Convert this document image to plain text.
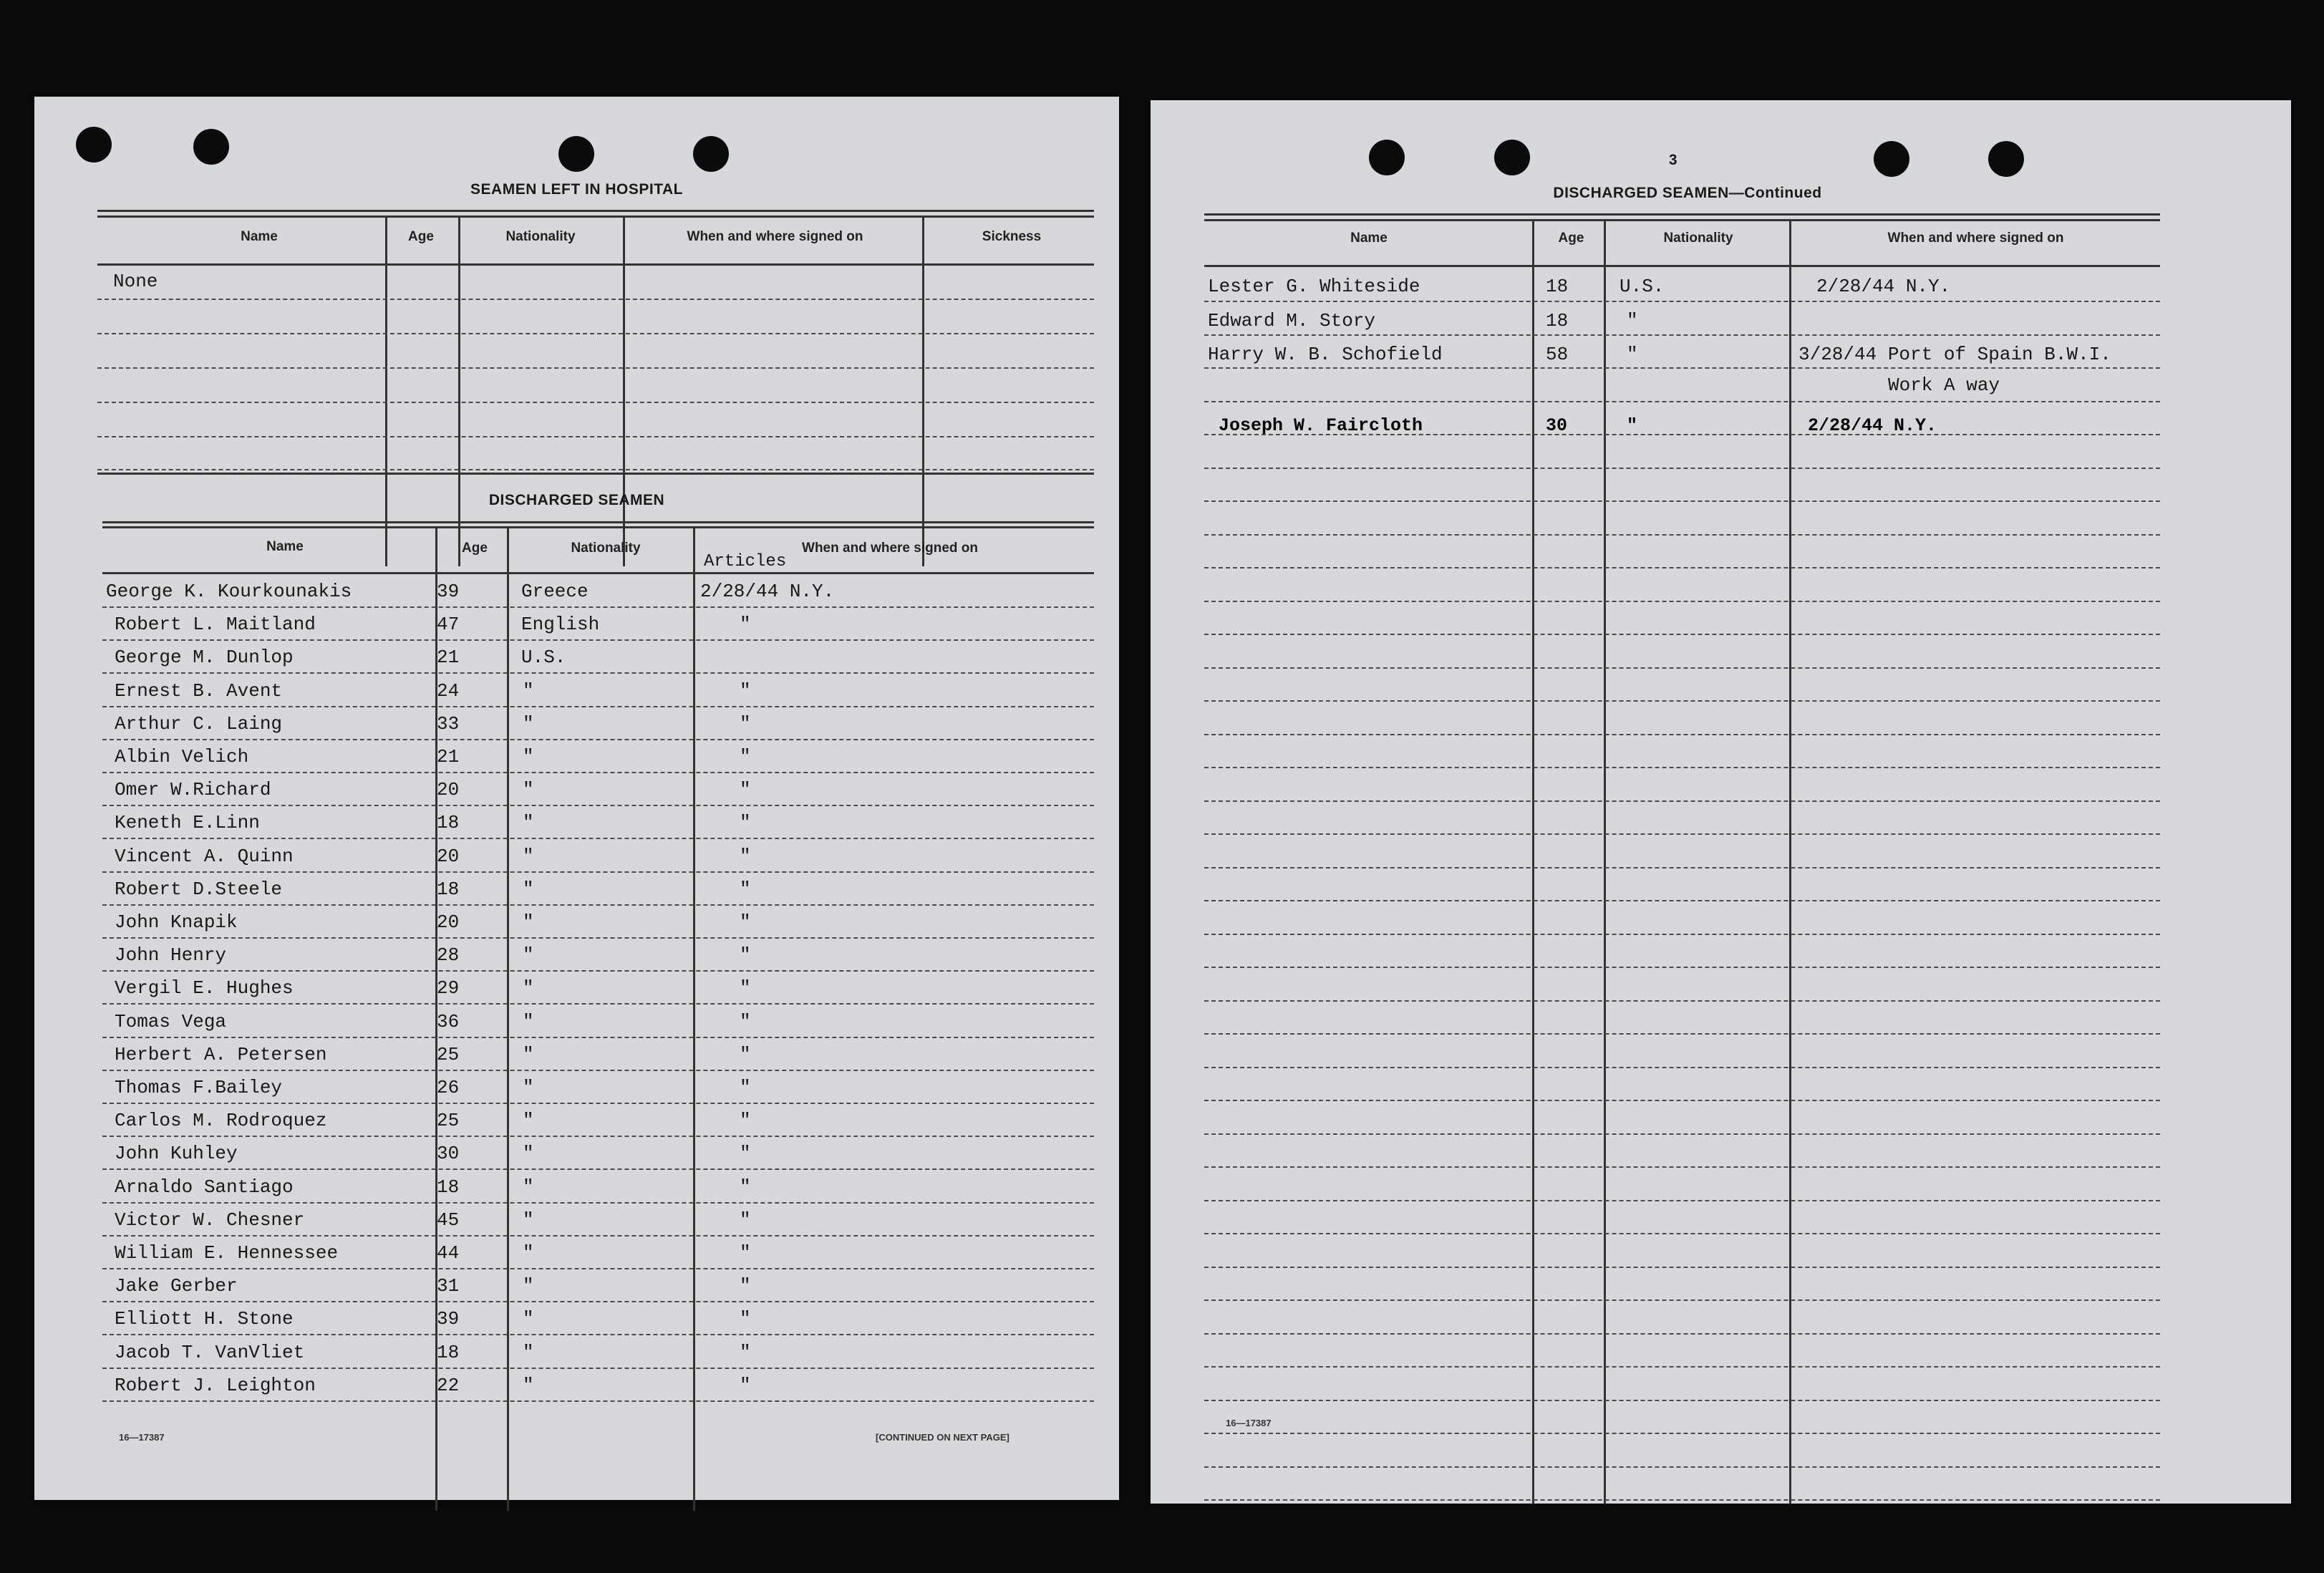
SEAMEN LEFT IN HOSPITAL
Name	Age	Nationality	When and where signed on	Sickness
None
DISCHARGED SEAMEN
Name	Age	Nationality	When and where signed on
Articles
George K. Kourkounakis	39	Greece	2/28/44 N.Y.
Robert L. Maitland	47	English	"
George M. Dunlop	21	U.S.
Ernest B. Avent	24	"	"
Arthur C. Laing	33	"	"
Albin Velich	21	"	"
Omer W.Richard	20	"	"
Keneth E.Linn	18	"	"
Vincent A. Quinn	20	"	"
Robert D.Steele	18	"	"
John Knapik	20	"	"
John Henry	28	"	"
Vergil E. Hughes	29	"	"
Tomas Vega	36	"	"
Herbert A. Petersen	25	"	"
Thomas F.Bailey	26	"	"
Carlos M. Rodroquez	25	"	"
John Kuhley	30	"	"
Arnaldo Santiago	18	"	"
Victor W. Chesner	45	"	"
William E. Hennessee	44	"	"
Jake Gerber	31	"	"
Elliott H. Stone	39	"	"
Jacob T. VanVliet	18	"	"
Robert J. Leighton	22	"	"
16—17387	[CONTINUED ON NEXT PAGE]
3
DISCHARGED SEAMEN—Continued
Name	Age	Nationality	When and where signed on
Lester G. Whiteside	18	U.S.	2/28/44 N.Y.
Edward M. Story	18	"
Harry W. B. Schofield	58	"	3/28/44 Port of Spain B.W.I.
Work A way
Joseph W. Faircloth	30	"	2/28/44 N.Y.
16—17387
